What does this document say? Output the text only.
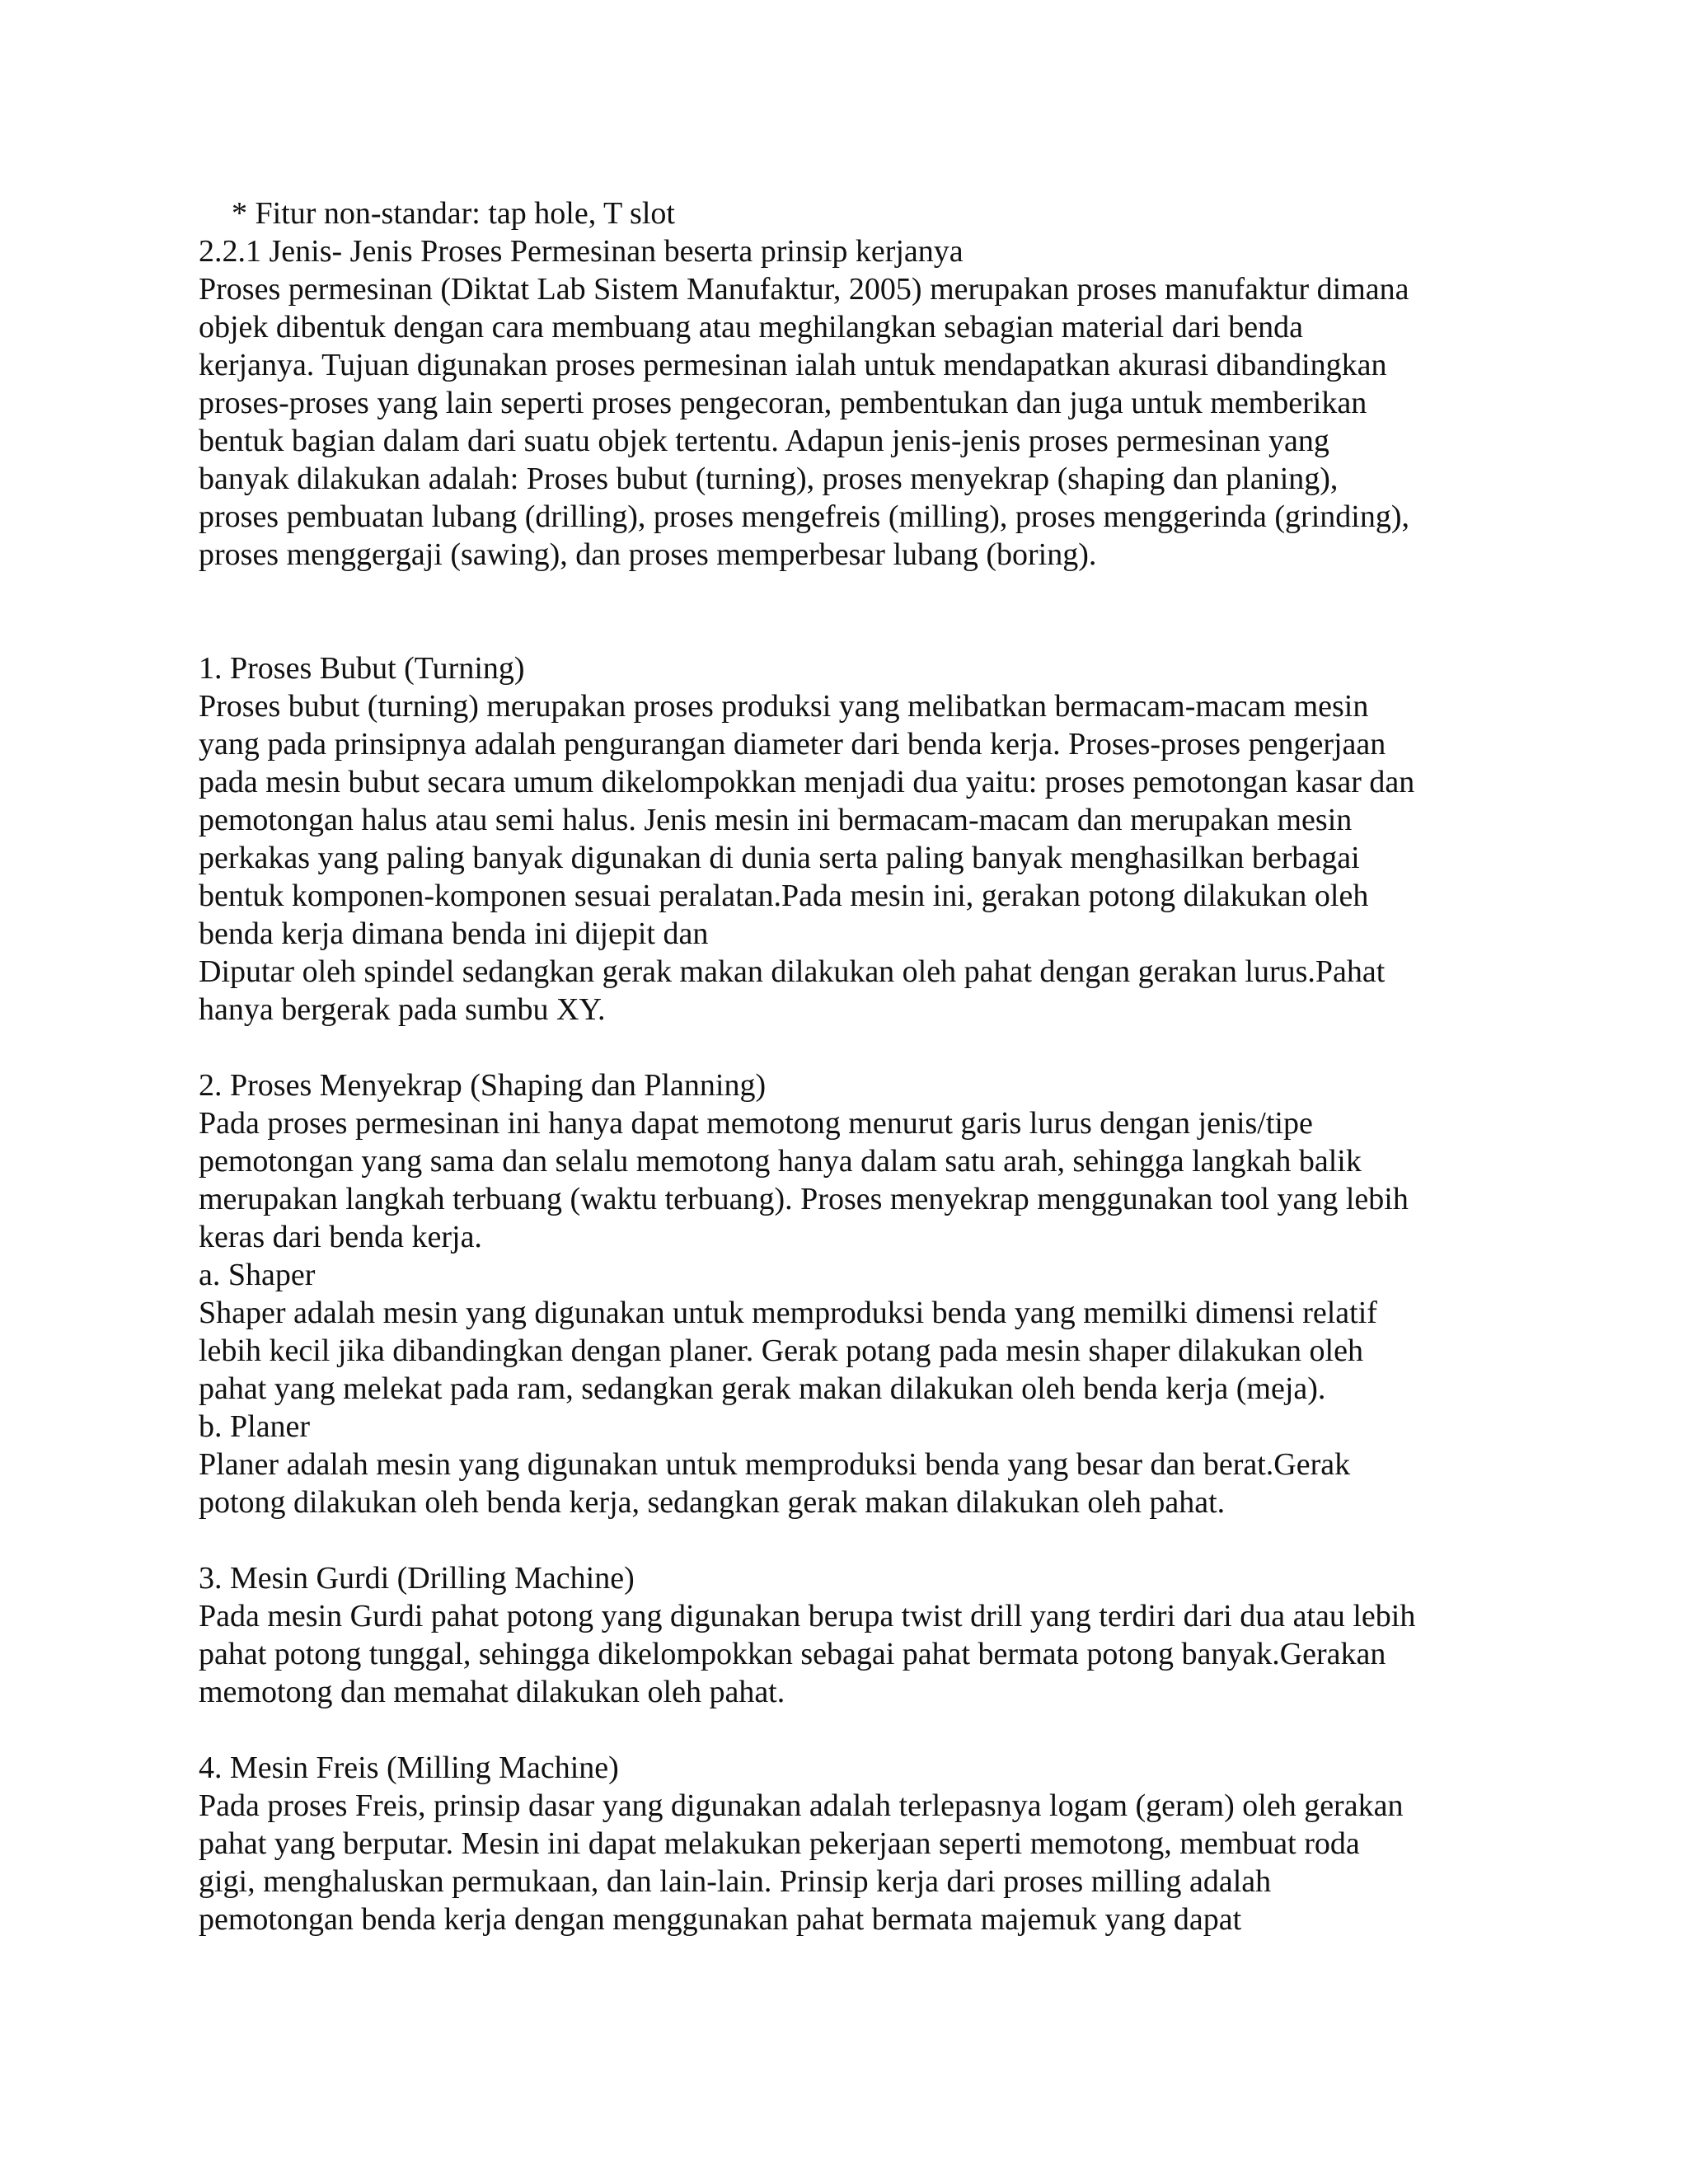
* Fitur non-standar: tap hole, T slot
2.2.1 Jenis- Jenis Proses Permesinan beserta prinsip kerjanya
Proses permesinan (Diktat Lab Sistem Manufaktur, 2005) merupakan proses manufaktur dimana
objek dibentuk dengan cara membuang atau meghilangkan sebagian material dari benda
kerjanya. Tujuan digunakan proses permesinan ialah untuk mendapatkan akurasi dibandingkan
proses-proses yang lain seperti proses pengecoran, pembentukan dan juga untuk memberikan
bentuk bagian dalam dari suatu objek tertentu. Adapun jenis-jenis proses permesinan yang
banyak dilakukan adalah: Proses bubut (turning), proses menyekrap (shaping dan planing),
proses pembuatan lubang (drilling), proses mengefreis (milling), proses menggerinda (grinding),
proses menggergaji (sawing), dan proses memperbesar lubang (boring).
1. Proses Bubut (Turning)
Proses bubut (turning) merupakan proses produksi yang melibatkan bermacam-macam mesin
yang pada prinsipnya adalah pengurangan diameter dari benda kerja. Proses-proses pengerjaan
pada mesin bubut secara umum dikelompokkan menjadi dua yaitu: proses pemotongan kasar dan
pemotongan halus atau semi halus. Jenis mesin ini bermacam-macam dan merupakan mesin
perkakas yang paling banyak digunakan di dunia serta paling banyak menghasilkan berbagai
bentuk komponen-komponen sesuai peralatan.Pada mesin ini, gerakan potong dilakukan oleh
benda kerja dimana benda ini dijepit dan
Diputar oleh spindel sedangkan gerak makan dilakukan oleh pahat dengan gerakan lurus.Pahat
hanya bergerak pada sumbu XY.
2. Proses Menyekrap (Shaping dan Planning)
Pada proses permesinan ini hanya dapat memotong menurut garis lurus dengan jenis/tipe
pemotongan yang sama dan selalu memotong hanya dalam satu arah, sehingga langkah balik
merupakan langkah terbuang (waktu terbuang). Proses menyekrap menggunakan tool yang lebih
keras dari benda kerja.
a. Shaper
Shaper adalah mesin yang digunakan untuk memproduksi benda yang memilki dimensi relatif
lebih kecil jika dibandingkan dengan planer. Gerak potang pada mesin shaper dilakukan oleh
pahat yang melekat pada ram, sedangkan gerak makan dilakukan oleh benda kerja (meja).
b. Planer
Planer adalah mesin yang digunakan untuk memproduksi benda yang besar dan berat.Gerak
potong dilakukan oleh benda kerja, sedangkan gerak makan dilakukan oleh pahat.
3. Mesin Gurdi (Drilling Machine)
Pada mesin Gurdi pahat potong yang digunakan berupa twist drill yang terdiri dari dua atau lebih
pahat potong tunggal, sehingga dikelompokkan sebagai pahat bermata potong banyak.Gerakan
memotong dan memahat dilakukan oleh pahat.
4. Mesin Freis (Milling Machine)
Pada proses Freis, prinsip dasar yang digunakan adalah terlepasnya logam (geram) oleh gerakan
pahat yang berputar. Mesin ini dapat melakukan pekerjaan seperti memotong, membuat roda
gigi, menghaluskan permukaan, dan lain-lain. Prinsip kerja dari proses milling adalah
pemotongan benda kerja dengan menggunakan pahat bermata majemuk yang dapat
